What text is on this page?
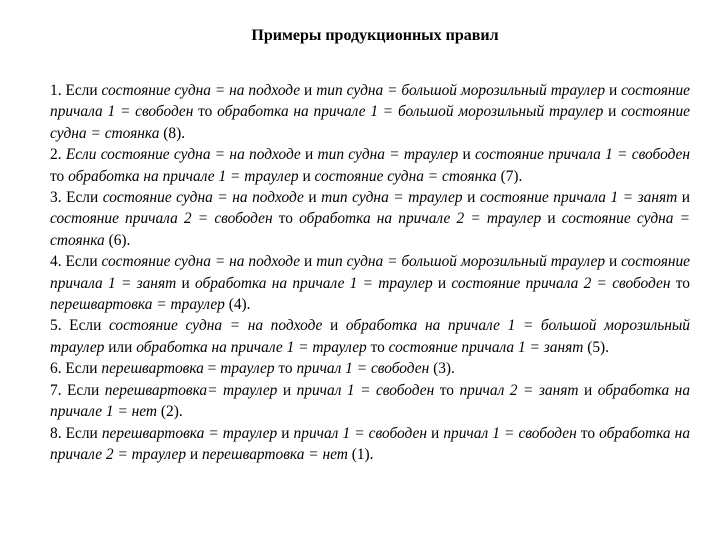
Примеры продукционных правил

1. Если состояние судна = на подходе и тип судна = большой морозильный траулер и состояние причала 1 = свободен то обработка на причале 1 = большой морозильный траулер и состояние судна = стоянка (8).

2. Если состояние судна = на подходе и тип судна = траулер и состояние причала 1 = свободен то обработка на причале 1 = траулер и состояние судна = стоянка (7).

3. Если состояние судна = на подходе и тип судна = траулер и состояние причала 1 = занят и состояние причала 2 = свободен то обработка на причале 2 = траулер и состояние судна = стоянка (6).

4. Если состояние судна = на подходе и тип судна = большой морозильный траулер и состояние причала 1 = занят и обработка на причале 1 = траулер и состояние причала 2 = свободен то перешвартовка = траулер (4).

5. Если состояние судна = на подходе и обработка на причале 1 = большой морозильный траулер или обработка на причале 1 = траулер то состояние причала 1 = занят (5).

6. Если перешвартовка = траулер то причал 1 = свободен (3).

7. Если перешвартовка= траулер и причал 1 = свободен то причал 2 = занят и обработка на причале 1 = нет (2).

8. Если перешвартовка = траулер и причал 1 = свободен и причал 1 = свободен то обработка на причале 2 = траулер и перешвартовка = нет (1).
